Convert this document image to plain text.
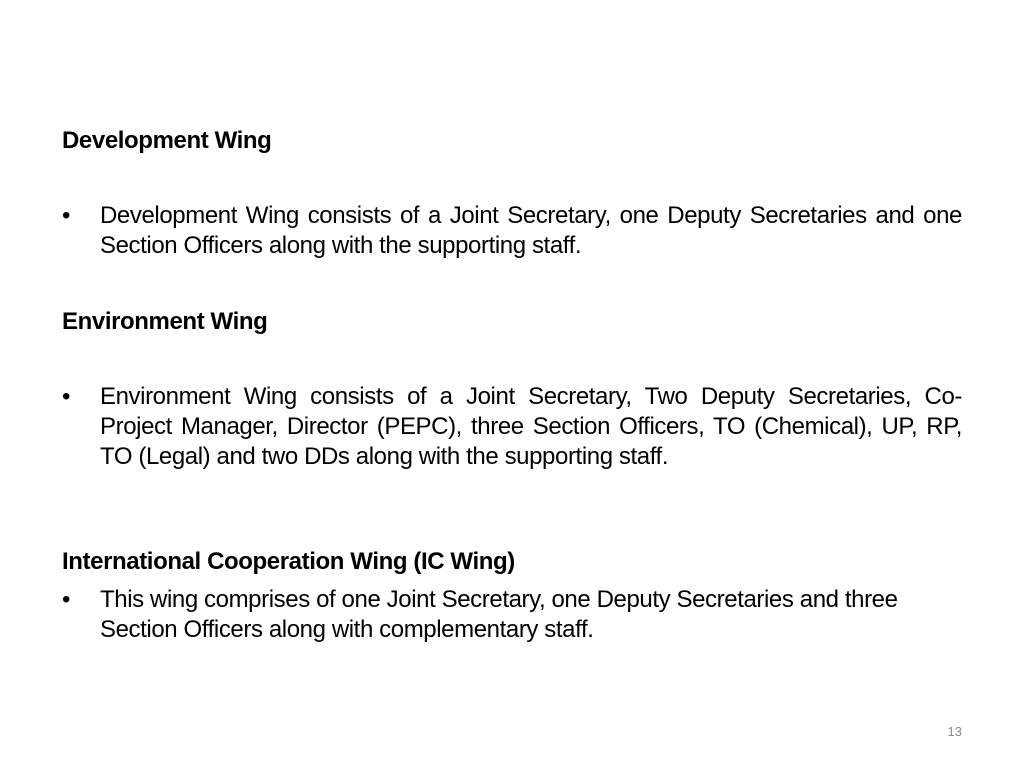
Development Wing
•	Development Wing consists of a Joint Secretary, one Deputy Secretaries and one Section Officers along with the supporting staff.
Environment Wing
•	Environment Wing consists of a Joint Secretary, Two Deputy Secretaries, Co-Project Manager, Director (PEPC), three Section Officers, TO (Chemical), UP, RP, TO (Legal) and two DDs along with the supporting staff.
International Cooperation Wing (IC Wing)
•	This wing comprises of one Joint Secretary, one Deputy Secretaries and three Section Officers along with complementary staff.
13
